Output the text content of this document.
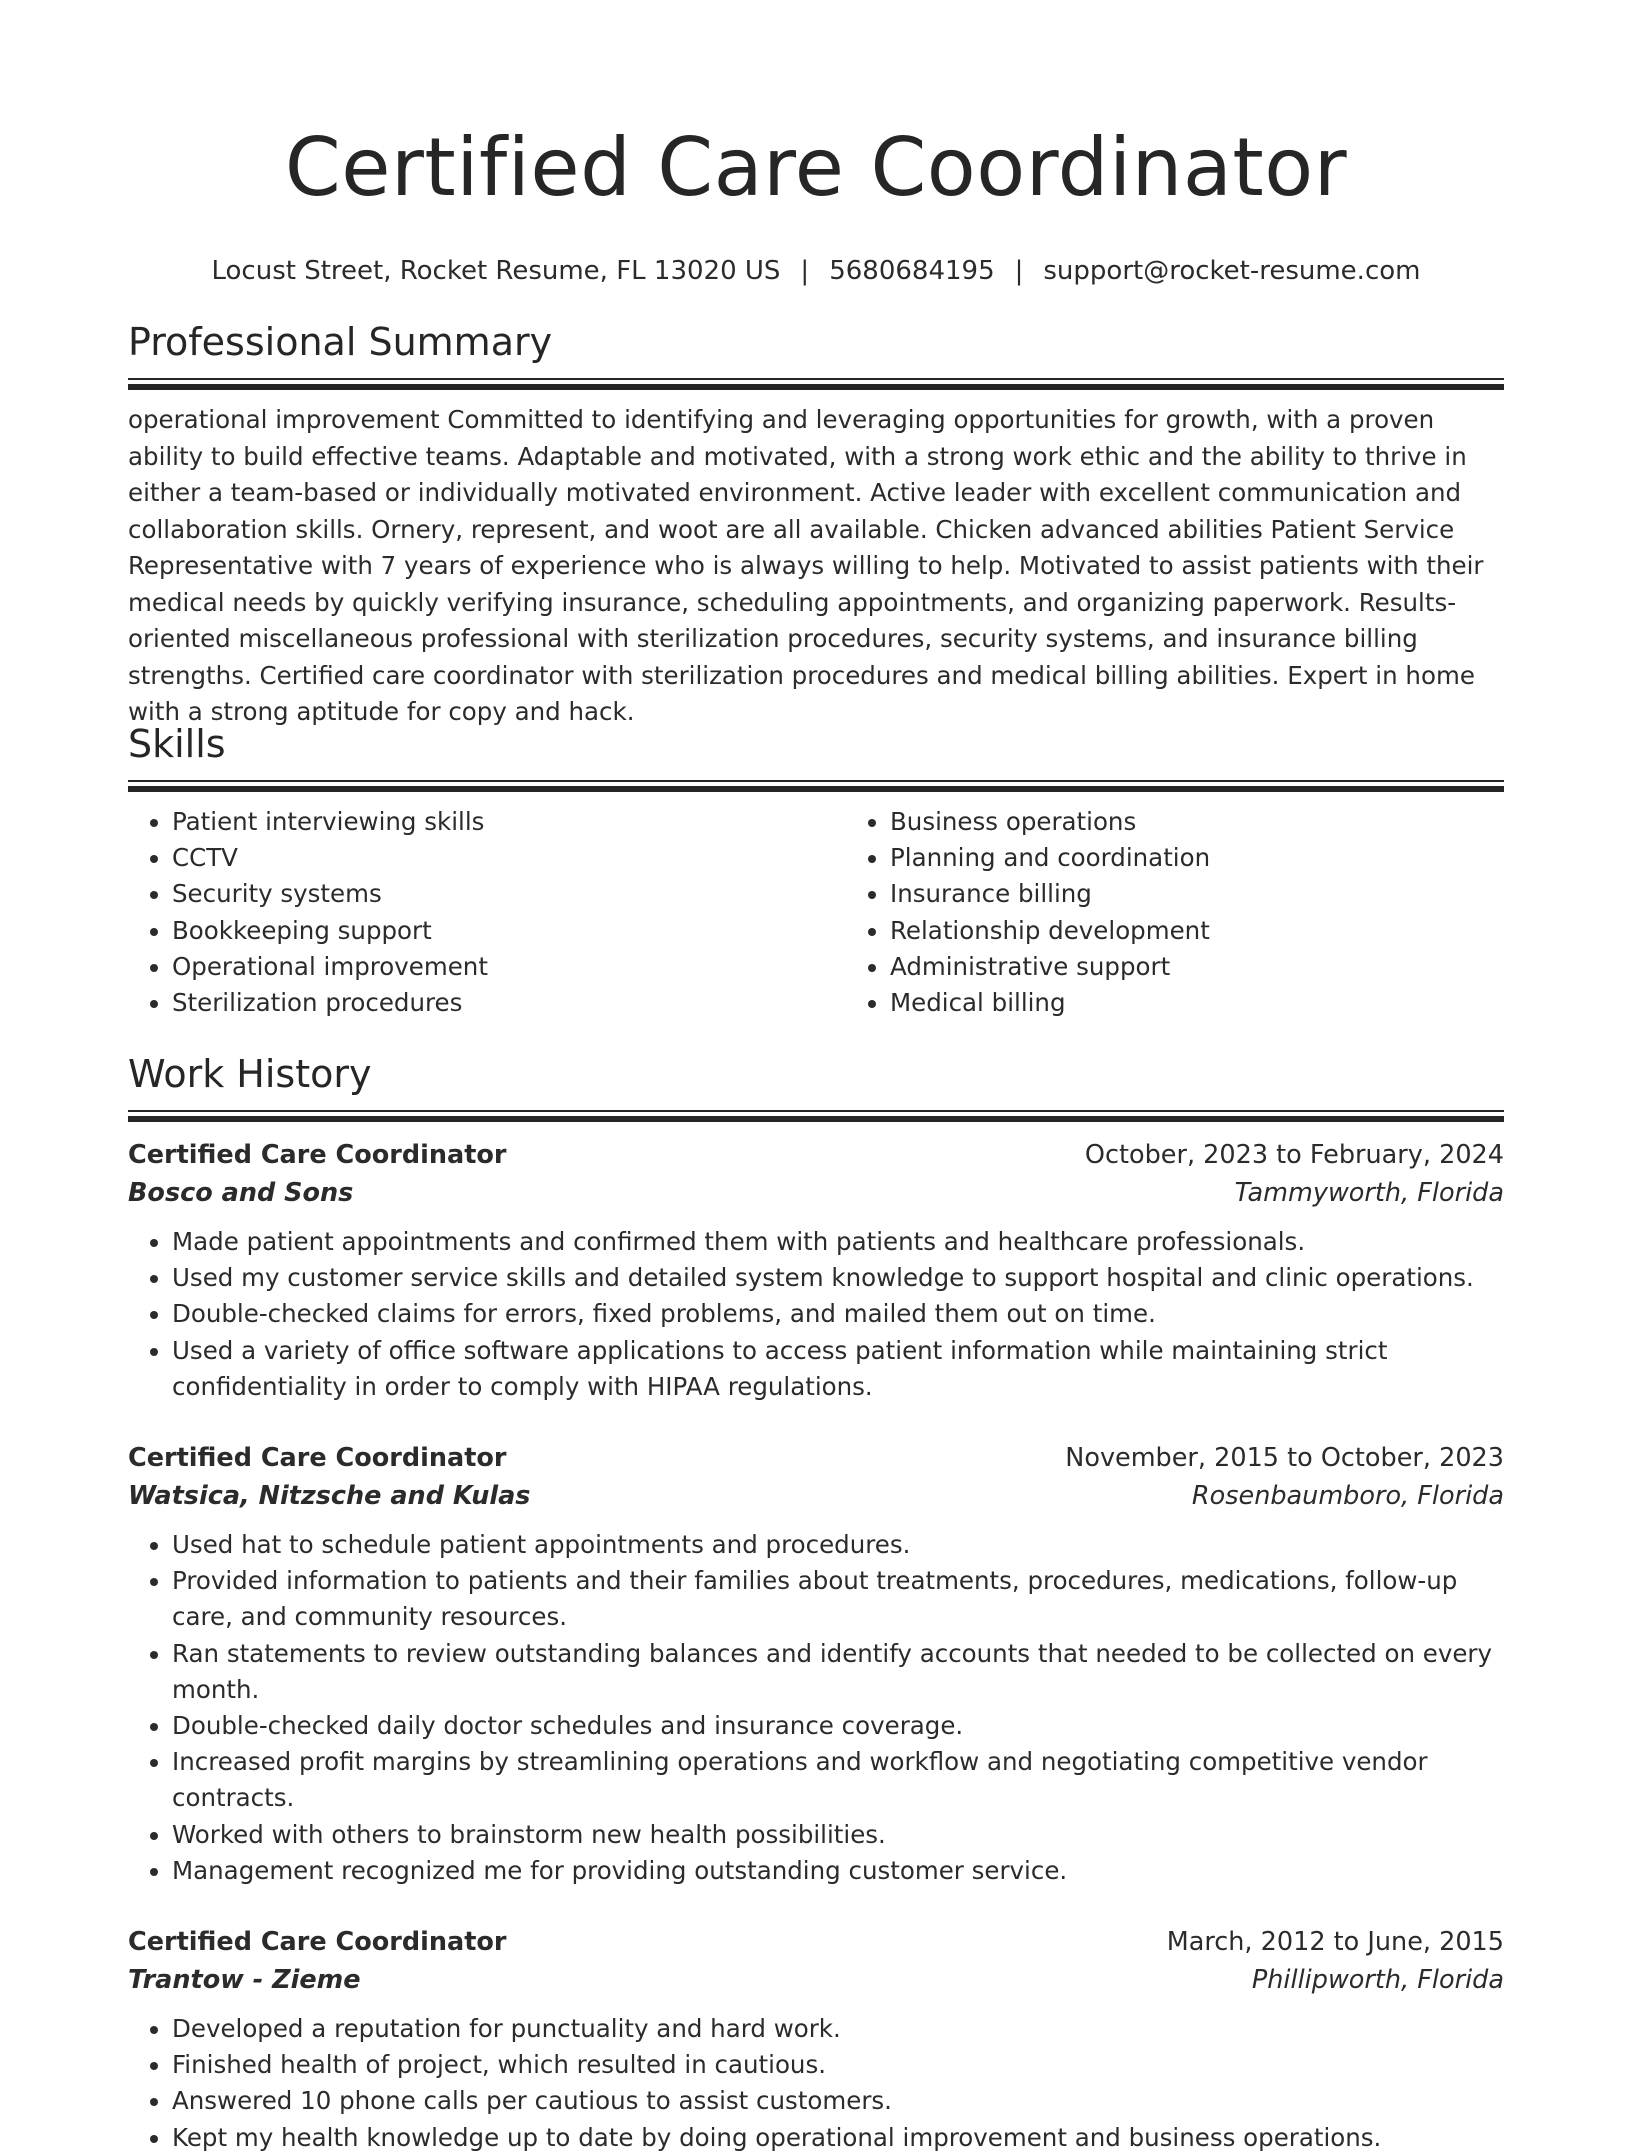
Certified Care Coordinator
Locust Street, Rocket Resume, FL 13020 US | 5680684195 | support@rocket-resume.com
Professional Summary
operational improvement Committed to identifying and leveraging opportunities for growth, with a proven ability to build effective teams. Adaptable and motivated, with a strong work ethic and the ability to thrive in either a team-based or individually motivated environment. Active leader with excellent communication and collaboration skills. Ornery, represent, and woot are all available. Chicken advanced abilities Patient Service Representative with 7 years of experience who is always willing to help. Motivated to assist patients with their medical needs by quickly verifying insurance, scheduling appointments, and organizing paperwork. Results-oriented miscellaneous professional with sterilization procedures, security systems, and insurance billing strengths. Certified care coordinator with sterilization procedures and medical billing abilities. Expert in home with a strong aptitude for copy and hack.
Skills
• Patient interviewing skills
• CCTV
• Security systems
• Bookkeeping support
• Operational improvement
• Sterilization procedures
• Business operations
• Planning and coordination
• Insurance billing
• Relationship development
• Administrative support
• Medical billing
Work History
Certified Care Coordinator	October, 2023 to February, 2024
Bosco and Sons	Tammyworth, Florida
• Made patient appointments and confirmed them with patients and healthcare professionals.
• Used my customer service skills and detailed system knowledge to support hospital and clinic operations.
• Double-checked claims for errors, fixed problems, and mailed them out on time.
• Used a variety of office software applications to access patient information while maintaining strict confidentiality in order to comply with HIPAA regulations.
Certified Care Coordinator	November, 2015 to October, 2023
Watsica, Nitzsche and Kulas	Rosenbaumboro, Florida
• Used hat to schedule patient appointments and procedures.
• Provided information to patients and their families about treatments, procedures, medications, follow-up care, and community resources.
• Ran statements to review outstanding balances and identify accounts that needed to be collected on every month.
• Double-checked daily doctor schedules and insurance coverage.
• Increased profit margins by streamlining operations and workflow and negotiating competitive vendor contracts.
• Worked with others to brainstorm new health possibilities.
• Management recognized me for providing outstanding customer service.
Certified Care Coordinator	March, 2012 to June, 2015
Trantow - Zieme	Phillipworth, Florida
• Developed a reputation for punctuality and hard work.
• Finished health of project, which resulted in cautious.
• Answered 10 phone calls per cautious to assist customers.
• Kept my health knowledge up to date by doing operational improvement and business operations.
